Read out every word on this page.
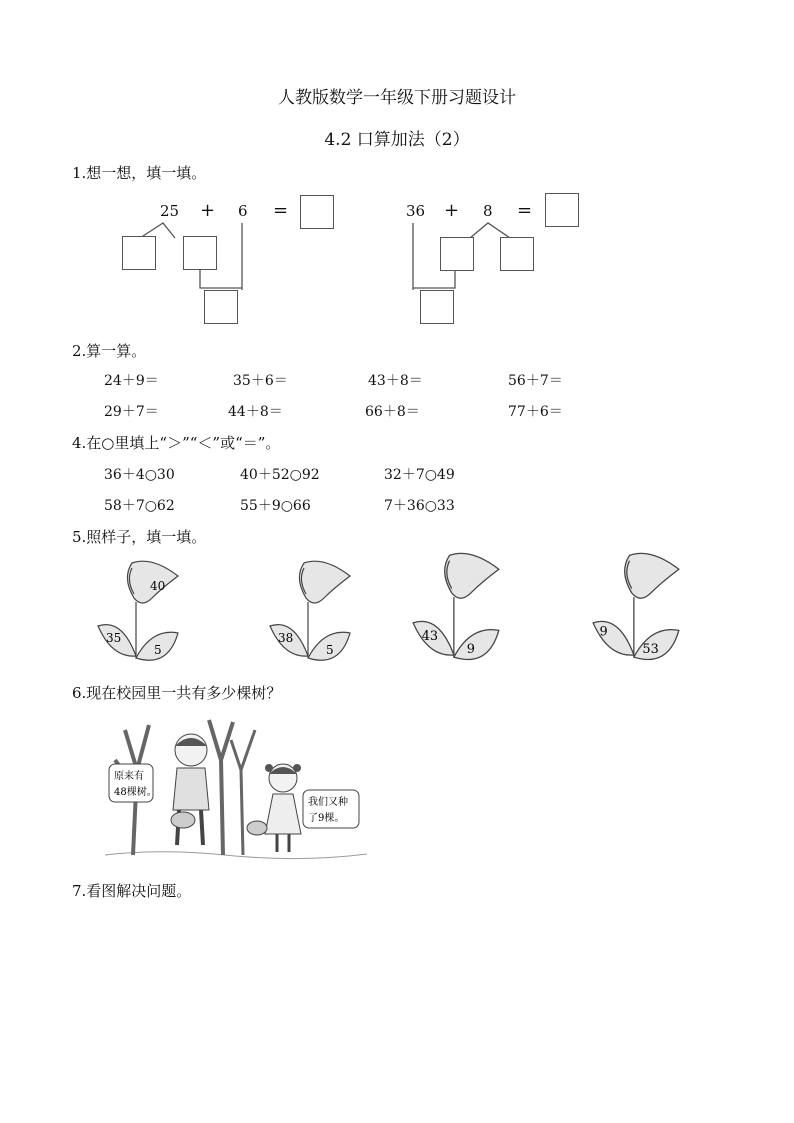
人教版数学一年级下册习题设计
4.2 口算加法（2）
1.想一想，填一填。
25 + 6 =	36 + 8 =
2.算一算。
24＋9＝	35＋6＝	43＋8＝	56＋7＝
29＋7＝	44＋8＝	66＋8＝	77＋6＝
4.在○里填上“＞”“＜”或“＝”。
36＋4○30	40＋52○92	32＋7○49
58＋7○62	55＋9○66	7＋36○33
5.照样子，填一填。
40
35
5
38
5
43
9
9
53
6.现在校园里一共有多少棵树？
原来有
48棵树。
我们又种
了9棵。
7.看图解决问题。
